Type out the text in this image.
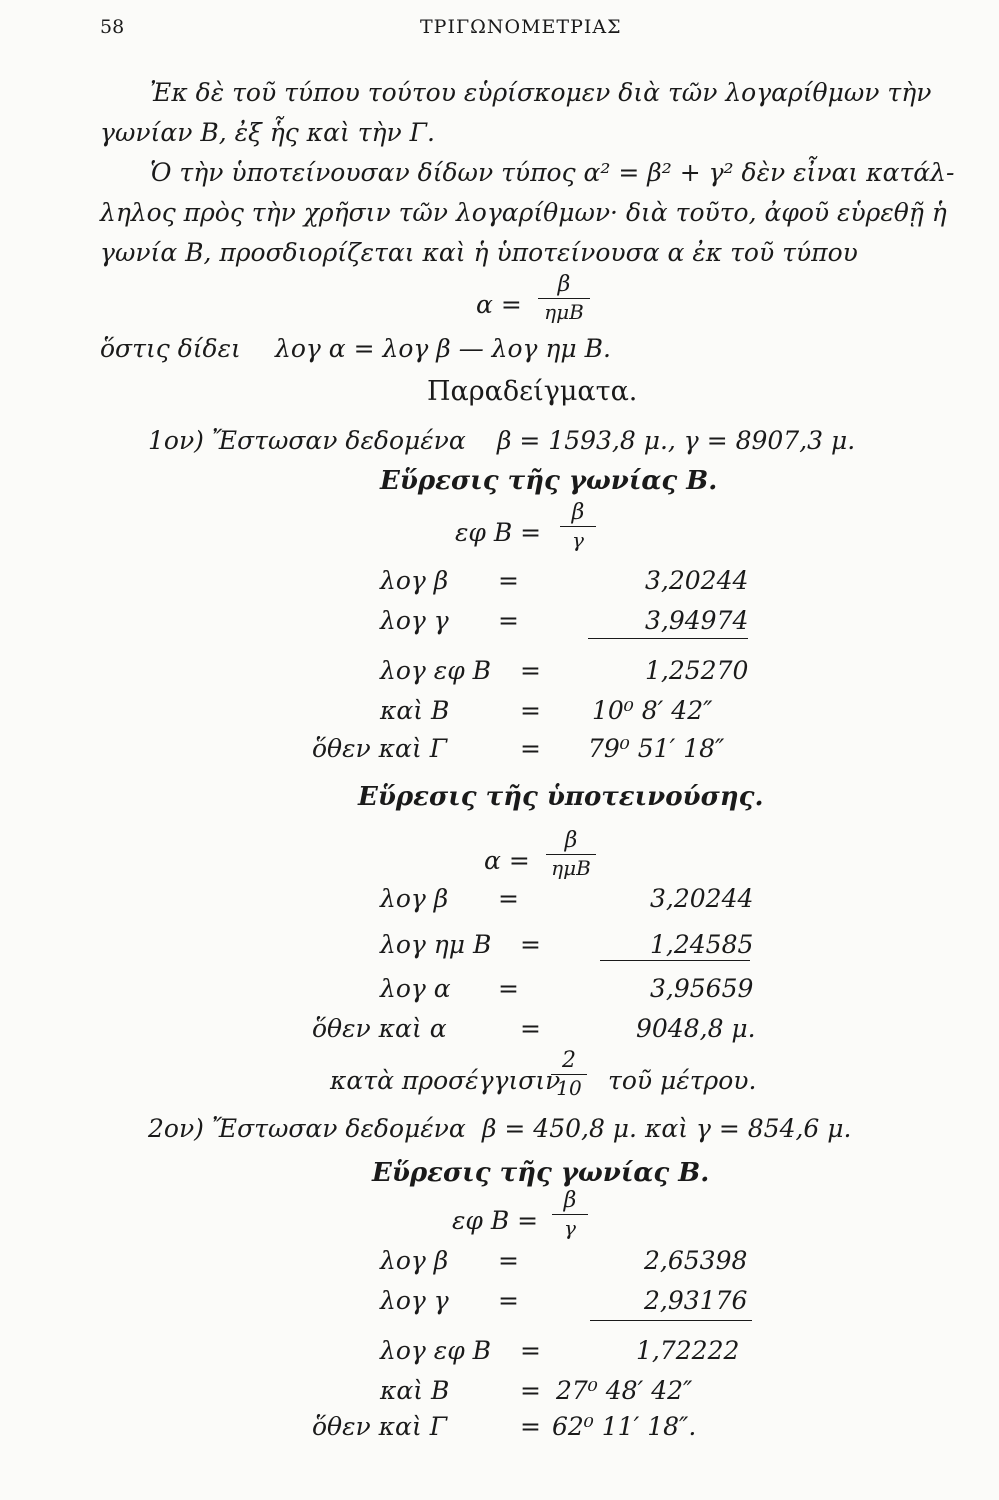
58	ΤΡΙΓΩΝΟΜΕΤΡΙΑΣ
Ἐκ δὲ τοῦ τύπου τούτου εὑρίσκομεν διὰ τῶν λογαρίθμων τὴν
γωνίαν Β, ἐξ ἧς καὶ τὴν Γ.
Ὁ τὴν ὑποτείνουσαν δίδων τύπος α² = β² + γ² δὲν εἶναι κατάλ-
ληλος πρὸς τὴν χρῆσιν τῶν λογαρίθμων· διὰ τοῦτο, ἀφοῦ εὑρεθῇ ἡ
γωνία Β, προσδιορίζεται καὶ ἡ ὑποτείνουσα α ἐκ τοῦ τύπου
α =
β
ημΒ
ὅστις δίδει λογ α = λογ β — λογ ημ Β.
Παραδείγματα.
1ον) Ἔστωσαν δεδομένα β = 1593,8 μ., γ = 8907,3 μ.
Εὕρεσις τῆς γωνίας Β.
εφ Β =
β
γ
λογ β =	3,20244
λογ γ =	3,94974
λογ εφ Β =	1,25270
καὶ Β	= 10⁰ 8′ 42″
ὅθεν καὶ Γ	= 79⁰ 51′ 18″
Εὕρεσις τῆς ὑποτεινούσης.
α =
β
ημΒ
λογ β =	3,20244
λογ ημ Β =	1,24585
λογ α =	3,95659
ὅθεν καὶ α	=	9048,8 μ.
κατὰ προσέγγισιν
2
10 τοῦ μέτρου.
2ον) Ἔστωσαν δεδομένα β = 450,8 μ. καὶ γ = 854,6 μ.
Εὕρεσις τῆς γωνίας Β.
εφ Β =
β
γ
λογ β =	2,65398
λογ γ =	2,93176
λογ εφ Β =	1,72222
καὶ Β	= 27⁰ 48′ 42″
ὅθεν καὶ Γ	= 62⁰ 11′ 18″.
